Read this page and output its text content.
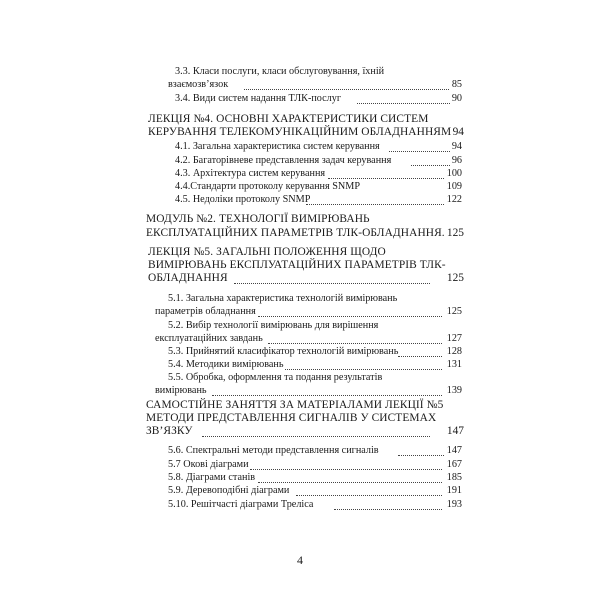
3.3. Класи послуги, класи обслуговування, їхній
взаємозв’язок	85
3.4. Види систем надання ТЛК-послуг	90
ЛЕКЦІЯ №4. ОСНОВНІ ХАРАКТЕРИСТИКИ СИСТЕМ
КЕРУВАННЯ ТЕЛЕКОМУНІКАЦІЙНИМ ОБЛАДНАННЯМ 94
4.1. Загальна характеристика систем керування	94
4.2. Багаторівневе представлення задач керування	96
4.3. Архітектура систем керування	100
4.4.Стандарти протоколу керування SNMP	109
4.5. Недоліки протоколу SNMP	122
МОДУЛЬ №2. ТЕХНОЛОГІЇ ВИМІРЮВАНЬ
ЕКСПЛУАТАЦІЙНИХ ПАРАМЕТРІВ ТЛК-ОБЛАДНАННЯ. 125
ЛЕКЦІЯ №5. ЗАГАЛЬНІ ПОЛОЖЕННЯ ЩОДО
ВИМІРЮВАНЬ ЕКСПЛУАТАЦІЙНИХ ПАРАМЕТРІВ ТЛК-
ОБЛАДНАННЯ	125
5.1. Загальна характеристика технологій вимірювань
параметрів обладнання	125
5.2. Вибір технології вимірювань для вирішення
експлуатаційних завдань	127
5.3. Прийнятий класифікатор технологій вимірювань	128
5.4. Методики вимірювань	131
5.5. Обробка, оформлення та подання результатів
вимірювань	139
САМОСТІЙНЕ ЗАНЯТТЯ ЗА МАТЕРІАЛАМИ ЛЕКЦІЇ №5
МЕТОДИ ПРЕДСТАВЛЕННЯ СИГНАЛІВ У СИСТЕМАХ
ЗВ’ЯЗКУ	147
5.6. Спектральні методи представлення сигналів	147
5.7 Окові діаграми	167
5.8. Діаграми станів	185
5.9. Деревоподібні діаграми	191
5.10. Решітчасті діаграми Треліса	193
4
